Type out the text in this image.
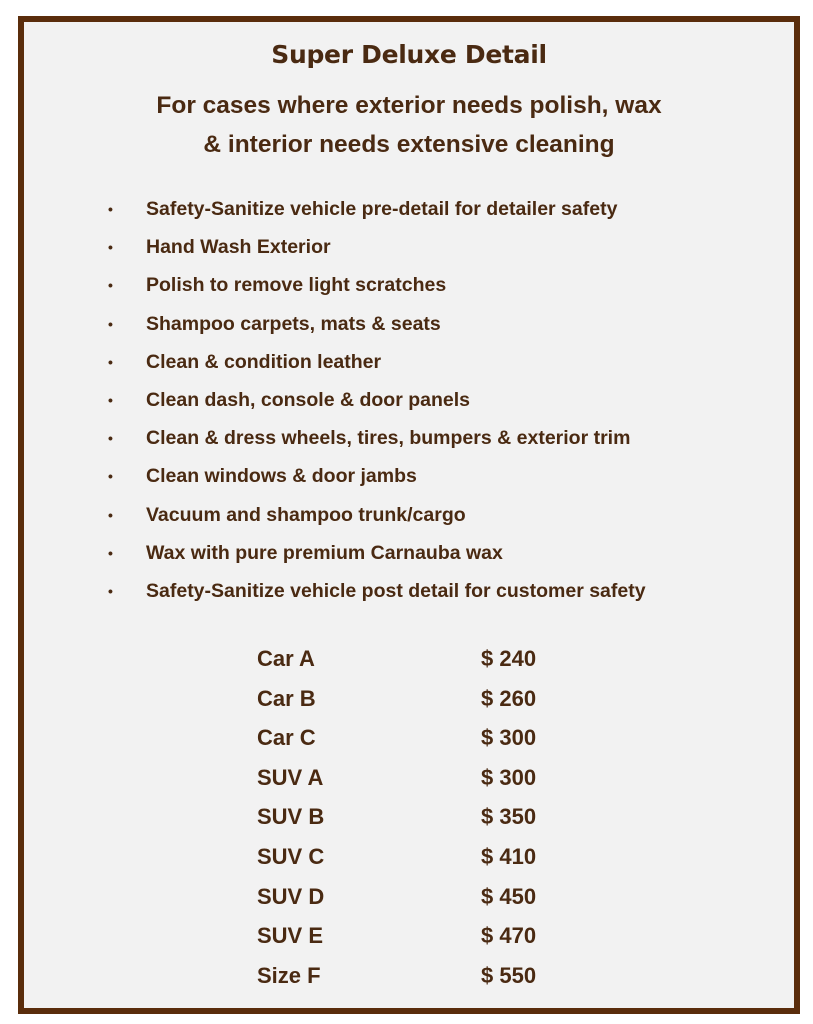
Super Deluxe Detail
For cases where exterior needs polish, wax
& interior needs extensive cleaning
• Safety-Sanitize vehicle pre-detail for detailer safety
• Hand Wash Exterior
• Polish to remove light scratches
• Shampoo carpets, mats & seats
• Clean & condition leather
• Clean dash, console & door panels
• Clean & dress wheels, tires, bumpers & exterior trim
• Clean windows & door jambs
• Vacuum and shampoo trunk/cargo
• Wax with pure premium Carnauba wax
• Safety-Sanitize vehicle post detail for customer safety
Car A	$ 240
Car B	$ 260
Car C	$ 300
SUV A	$ 300
SUV B	$ 350
SUV C	$ 410
SUV D	$ 450
SUV E	$ 470
Size F	$ 550
